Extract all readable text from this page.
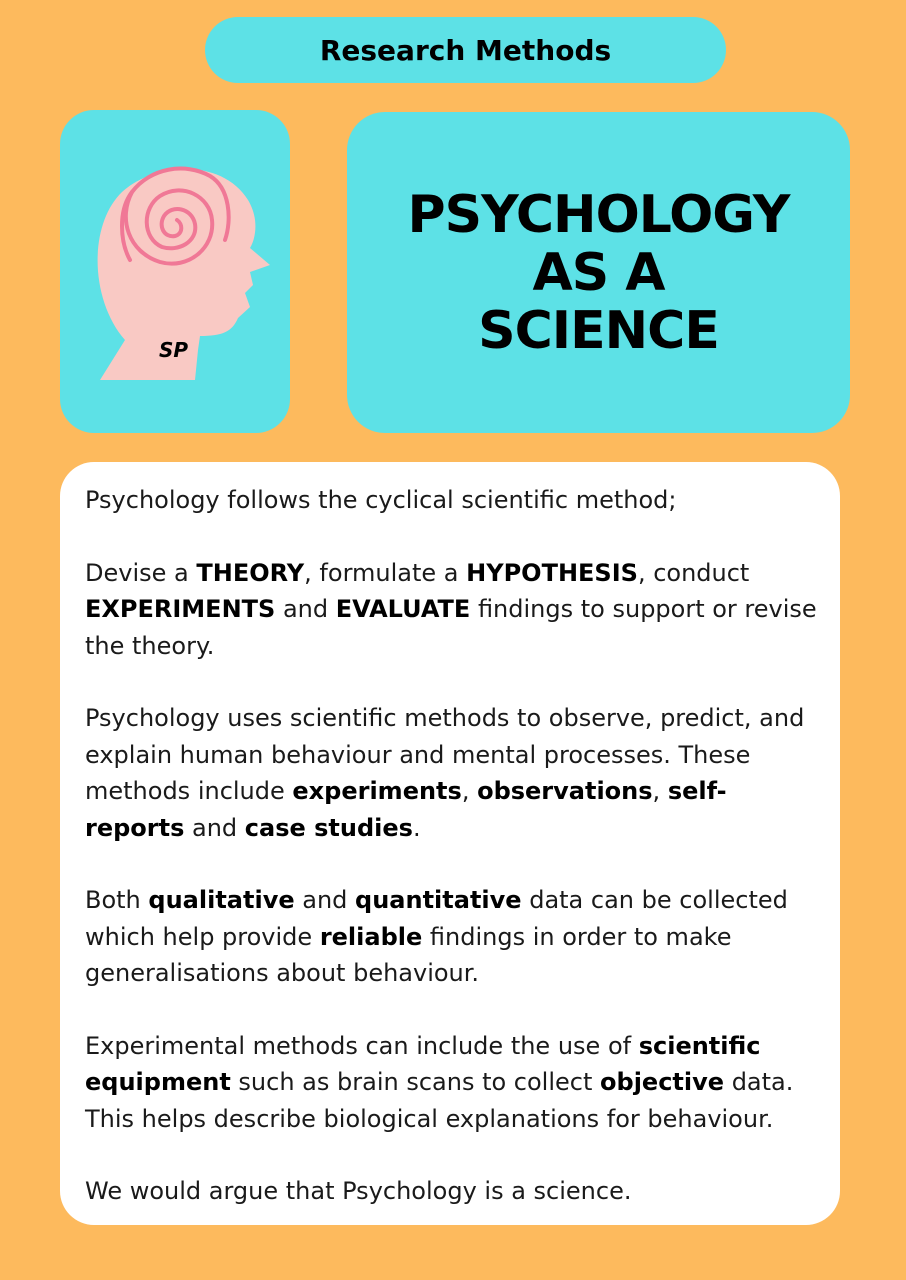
Research Methods
SP
PSYCHOLOGY
AS A
SCIENCE

Psychology follows the cyclical scientific method;

Devise a THEORY, formulate a HYPOTHESIS, conduct EXPERIMENTS and EVALUATE findings to support or revise the theory.

Psychology uses scientific methods to observe, predict, and explain human behaviour and mental processes. These methods include experiments, observations, self-reports and case studies.

Both qualitative and quantitative data can be collected which help provide reliable findings in order to make generalisations about behaviour.

Experimental methods can include the use of scientific equipment such as brain scans to collect objective data. This helps describe biological explanations for behaviour.

We would argue that Psychology is a science.
